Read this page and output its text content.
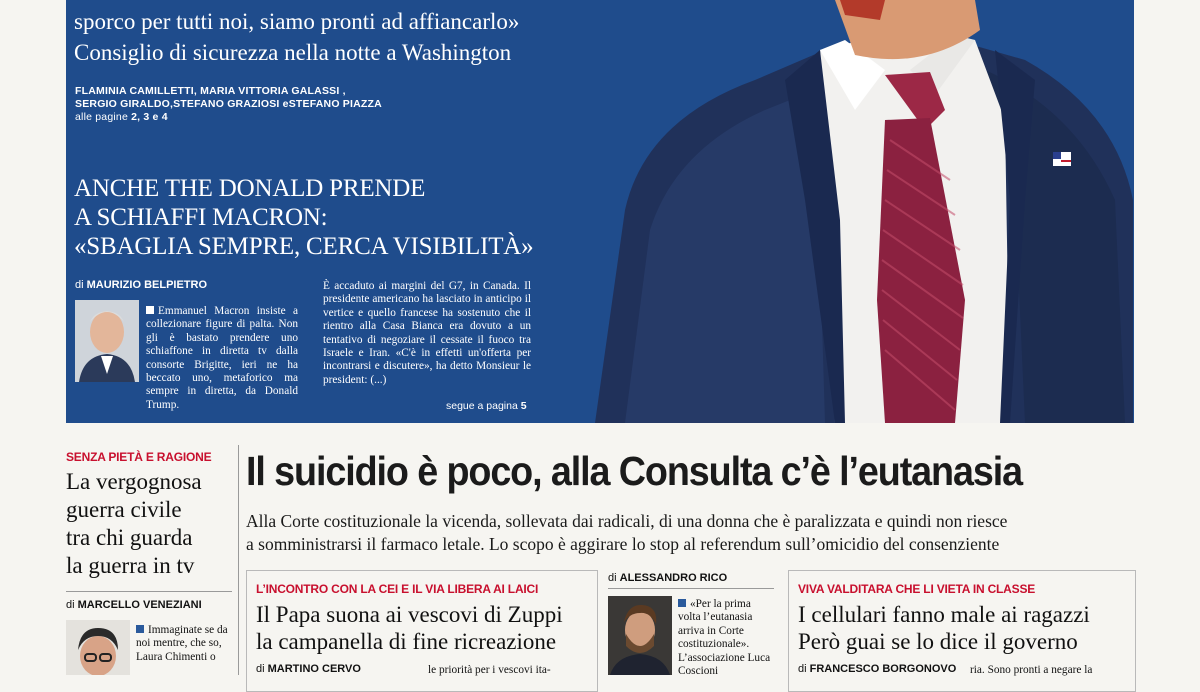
sporco per tutti noi, siamo pronti ad affiancarlo»
Consiglio di sicurezza nella notte a Washington
FLAMINIA CAMILLETTI, MARIA VITTORIA GALASSI ,
SERGIO GIRALDO,STEFANO GRAZIOSI eSTEFANO PIAZZA
alle pagine 2, 3 e 4
ANCHE THE DONALD PRENDE
A SCHIAFFI MACRON:
«SBAGLIA SEMPRE, CERCA VISIBILITÀ»
di MAURIZIO BELPIETRO
Emmanuel Macron insiste a collezionare figure di palta. Non gli è bastato prendere uno schiaffone in diretta tv dalla consorte Brigitte, ieri ne ha beccato uno, metaforico ma sempre in diretta, da Donald Trump.
È accaduto ai margini del G7, in Canada. Il presidente americano ha lasciato in anticipo il vertice e quello francese ha sostenuto che il rientro alla Casa Bianca era dovuto a un tentativo di negoziare il cessate il fuoco tra Israele e Iran. «C'è in effetti un'offerta per incontrarsi e discutere», ha detto Monsieur le president: (...)
segue a pagina 5
SENZA PIETÀ E RAGIONE
La vergognosa
guerra civile
tra chi guarda
la guerra in tv
di MARCELLO VENEZIANI
Immaginate se da noi mentre, che so, Laura Chimenti o
Il suicidio è poco, alla Consulta c’è l’eutanasia
Alla Corte costituzionale la vicenda, sollevata dai radicali, di una donna che è paralizzata e quindi non riesce
a somministrarsi il farmaco letale. Lo scopo è aggirare lo stop al referendum sull’omicidio del consenziente
L’INCONTRO CON LA CEI E IL VIA LIBERA AI LAICI
Il Papa suona ai vescovi di Zuppi
la campanella di fine ricreazione
di MARTINO CERVO	le priorità per i vescovi ita-
di ALESSANDRO RICO
«Per la prima volta l’eutanasia arriva in Corte costituzionale». L’associazione Luca Coscioni
VIVA VALDITARA CHE LI VIETA IN CLASSE
I cellulari fanno male ai ragazzi
Però guai se lo dice il governo
di FRANCESCO BORGONOVO ria. Sono pronti a negare la
